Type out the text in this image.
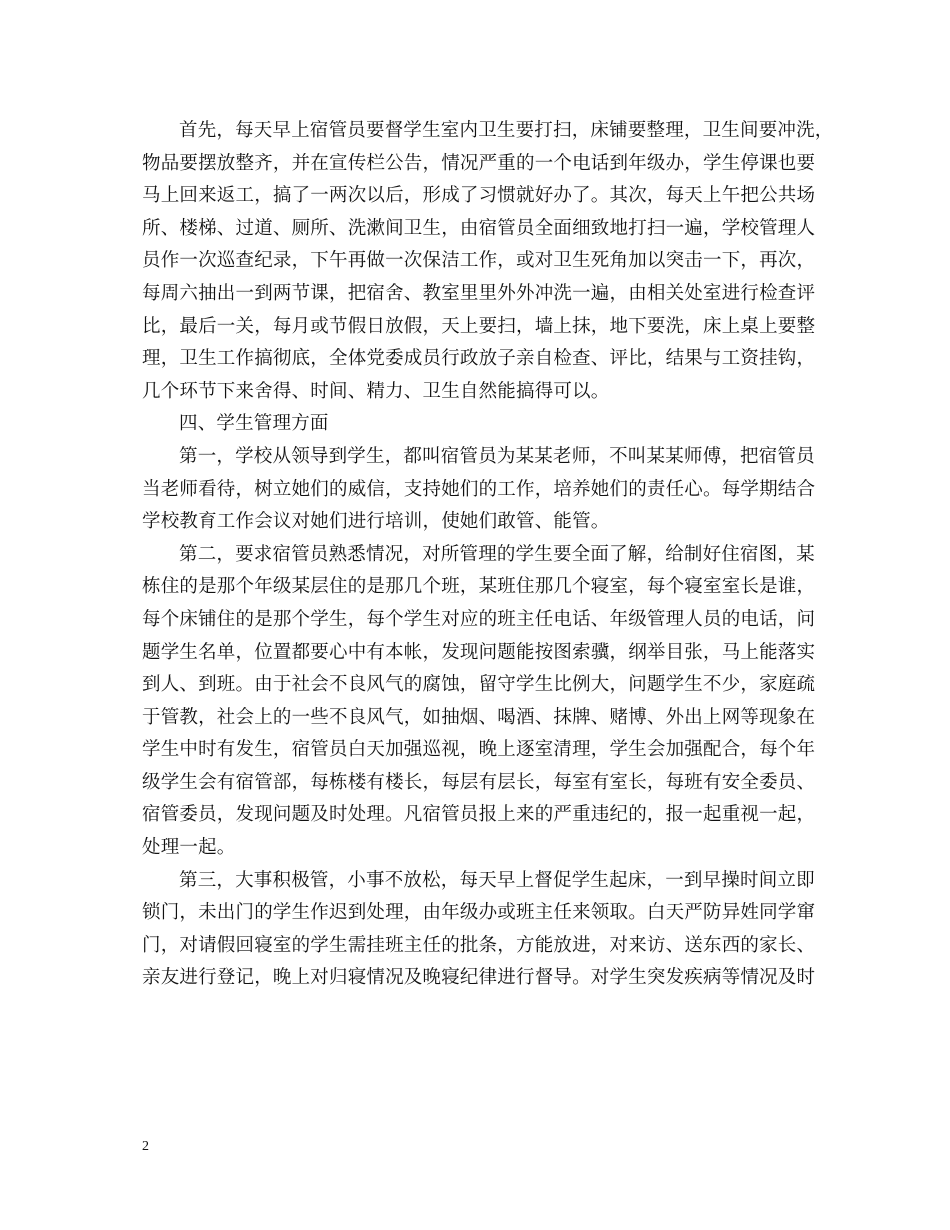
首先，每天早上宿管员要督学生室内卫生要打扫，床铺要整理，卫生间要冲洗，
物品要摆放整齐，并在宣传栏公告，情况严重的一个电话到年级办，学生停课也要
马上回来返工，搞了一两次以后，形成了习惯就好办了。其次，每天上午把公共场
所、楼梯、过道、厕所、洗漱间卫生，由宿管员全面细致地打扫一遍，学校管理人
员作一次巡查纪录，下午再做一次保洁工作，或对卫生死角加以突击一下，再次，
每周六抽出一到两节课，把宿舍、教室里里外外冲洗一遍，由相关处室进行检查评
比，最后一关，每月或节假日放假，天上要扫，墙上抹，地下要洗，床上桌上要整
理，卫生工作搞彻底，全体党委成员行政放子亲自检查、评比，结果与工资挂钩，
几个环节下来舍得、时间、精力、卫生自然能搞得可以。

四、学生管理方面

第一，学校从领导到学生，都叫宿管员为某某老师，不叫某某师傅，把宿管员
当老师看待，树立她们的威信，支持她们的工作，培养她们的责任心。每学期结合
学校教育工作会议对她们进行培训，使她们敢管、能管。

第二，要求宿管员熟悉情况，对所管理的学生要全面了解，给制好住宿图，某
栋住的是那个年级某层住的是那几个班，某班住那几个寝室，每个寝室室长是谁，
每个床铺住的是那个学生，每个学生对应的班主任电话、年级管理人员的电话，问
题学生名单，位置都要心中有本帐，发现问题能按图索骥，纲举目张，马上能落实
到人、到班。由于社会不良风气的腐蚀，留守学生比例大，问题学生不少，家庭疏
于管教，社会上的一些不良风气，如抽烟、喝酒、抹牌、赌博、外出上网等现象在
学生中时有发生，宿管员白天加强巡视，晚上逐室清理，学生会加强配合，每个年
级学生会有宿管部，每栋楼有楼长，每层有层长，每室有室长，每班有安全委员、
宿管委员，发现问题及时处理。凡宿管员报上来的严重违纪的，报一起重视一起，
处理一起。

第三，大事积极管，小事不放松，每天早上督促学生起床，一到早操时间立即
锁门，未出门的学生作迟到处理，由年级办或班主任来领取。白天严防异姓同学窜
门，对请假回寝室的学生需挂班主任的批条，方能放进，对来访、送东西的家长、
亲友进行登记，晚上对归寝情况及晚寝纪律进行督导。对学生突发疾病等情况及时

2
